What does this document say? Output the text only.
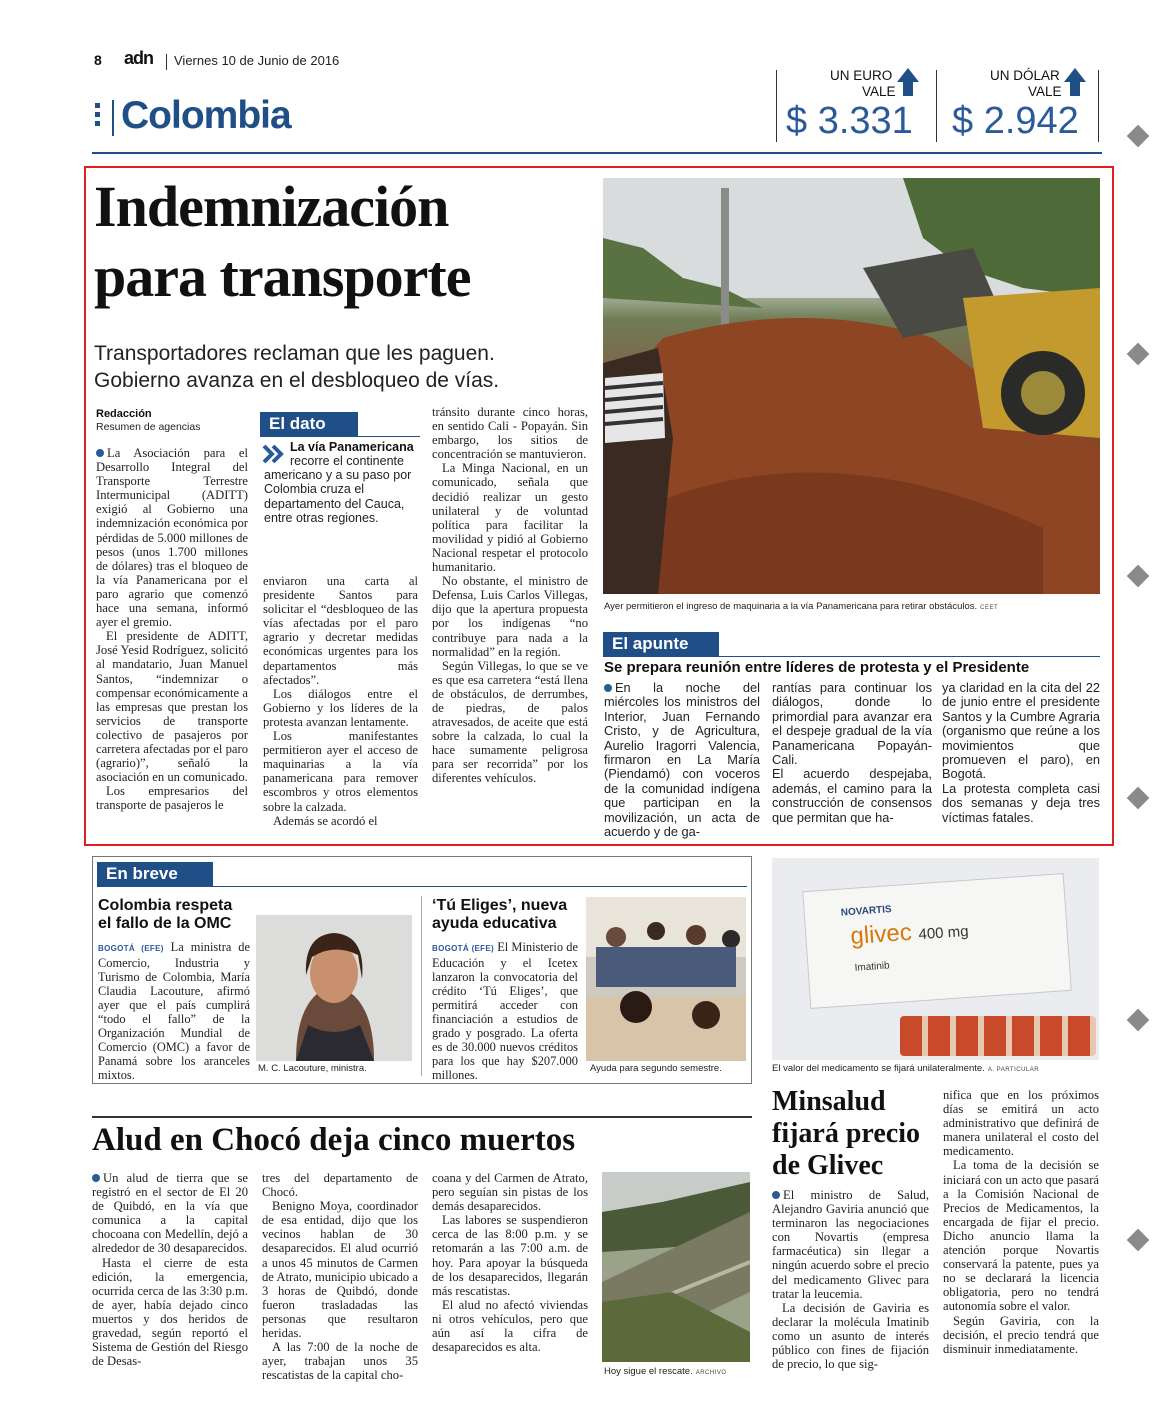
8 adn Viernes 10 de Junio de 2016
Colombia
UN EURO
VALE
$ 3.331
UN DÓLAR
VALE
$ 2.942
Indemnización
para transporte
Transportadores reclaman que les paguen.
Gobierno avanza en el desbloqueo de vías.
Redacción
Resumen de agencias

La Asociación para el Desarrollo Integral del Transporte Terrestre Intermunicipal (ADITT) exigió al Gobierno una indemnización económica por pérdidas de 5.000 millones de pesos (unos 1.700 millones de dólares) tras el bloqueo de la vía Panamericana por el paro agrario que comenzó hace una semana, informó ayer el gremio.

El presidente de ADITT, José Yesid Rodríguez, solicitó al mandatario, Juan Manuel Santos, “indemnizar o compensar económicamente a las empresas que prestan los servicios de transporte colectivo de pasajeros por carretera afectadas por el paro (agrario)”, señaló la asociación en un comunicado.

Los empresarios del transporte de pasajeros le

El dato
La vía Panamericana
recorre el continente americano y a su paso por Colombia cruza el departamento del Cauca, entre otras regiones.

enviaron una carta al presidente Santos para solicitar el “desbloqueo de las vías afectadas por el paro agrario y decretar medidas económicas urgentes para los departamentos más afectados”.

Los diálogos entre el Gobierno y los líderes de la protesta avanzan lentamente.

Los manifestantes permitieron ayer el acceso de maquinarias a la vía panamericana para remover escombros y otros elementos sobre la calzada.

Además se acordó el

tránsito durante cinco horas, en sentido Cali - Popayán. Sin embargo, los sitios de concentración se mantuvieron.

La Minga Nacional, en un comunicado, señala que decidió realizar un gesto unilateral y de voluntad política para facilitar la movilidad y pidió al Gobierno Nacional respetar el protocolo humanitario.

No obstante, el ministro de Defensa, Luis Carlos Villegas, dijo que la apertura propuesta por los indígenas “no contribuye para nada a la normalidad” en la región.

Según Villegas, lo que se ve es que esa carretera “está llena de obstáculos, de derrumbes, de piedras, de palos atravesados, de aceite que está sobre la calzada, lo cual la hace sumamente peligrosa para ser recorrida” por los diferentes vehículos.

Ayer permitieron el ingreso de maquinaria a la vía Panamericana para retirar obstáculos. CEET
El apunte
Se prepara reunión entre líderes de protesta y el Presidente
En la noche del miércoles los ministros del Interior, Juan Fernando Cristo, y de Agricultura, Aurelio Iragorri Valencia, firmaron en La María (Piendamó) con voceros de la comunidad indígena que participan en la movilización, un acta de acuerdo y de ga-
rantías para continuar los diálogos, donde lo primordial para avanzar era el despeje gradual de la vía Panamericana Popayán-Cali.
El acuerdo despejaba, además, el camino para la construcción de consensos que permitan que ha-
ya claridad en la cita del 22 de junio entre el presidente Santos y la Cumbre Agraria (organismo que reúne a los movimientos que promueven el paro), en Bogotá.
La protesta completa casi dos semanas y deja tres víctimas fatales.
En breve
Colombia respeta
el fallo de la OMC
BOGOTÁ (EFE) La ministra de Comercio, Industria y Turismo de Colombia, María Claudia Lacouture, afirmó ayer que el país cumplirá “todo el fallo” de la Organización Mundial de Comercio (OMC) a favor de Panamá sobre los aranceles mixtos.	M. C. Lacouture, ministra.
‘Tú Eliges’, nueva
ayuda educativa
BOGOTÁ (EFE) El Ministerio de Educación y el Icetex lanzaron la convocatoria del crédito ‘Tú Eliges’, que permitirá acceder con financiación a estudios de grado y posgrado. La oferta es de 30.000 nuevos créditos para los que hay $207.000 millones.	Ayuda para segundo semestre.
NOVARTIS
glivec 400 mg
Imatinib
El valor del medicamento se fijará unilateralmente. A. PARTICULAR
Minsalud
fijará precio
de Glivec

El ministro de Salud, Alejandro Gaviria anunció que terminaron las negociaciones con Novartis (empresa farmacéutica) sin llegar a ningún acuerdo sobre el precio del medicamento Glivec para tratar la leucemia.

La decisión de Gaviria es declarar la molécula Imatinib como un asunto de interés público con fines de fijación de precio, lo que sig-

nifica que en los próximos días se emitirá un acto administrativo que definirá de manera unilateral el costo del medicamento.

La toma de la decisión se iniciará con un acto que pasará a la Comisión Nacional de Precios de Medicamentos, la encargada de fijar el precio. Dicho anuncio llama la atención porque Novartis conservará la patente, pues ya no se declarará la licencia obligatoria, pero no tendrá autonomía sobre el valor.

Según Gaviria, con la decisión, el precio tendrá que disminuir inmediatamente.

Alud en Chocó deja cinco muertos

Un alud de tierra que se registró en el sector de El 20 de Quibdó, en la vía que comunica a la capital chocoana con Medellín, dejó a alrededor de 30 desaparecidos.

Hasta el cierre de esta edición, la emergencia, ocurrida cerca de las 3:30 p.m. de ayer, había dejado cinco muertos y dos heridos de gravedad, según reportó el Sistema de Gestión del Riesgo de Desas-

tres del departamento de Chocó.

Benigno Moya, coordinador de esa entidad, dijo que los vecinos hablan de 30 desaparecidos. El alud ocurrió a unos 45 minutos de Carmen de Atrato, municipio ubicado a 3 horas de Quibdó, donde fueron trasladadas las personas que resultaron heridas.

A las 7:00 de la noche de ayer, trabajan unos 35 rescatistas de la capital cho-

coana y del Carmen de Atrato, pero seguían sin pistas de los demás desaparecidos.

Las labores se suspendieron cerca de las 8:00 p.m. y se retomarán a las 7:00 a.m. de hoy. Para apoyar la búsqueda de los desaparecidos, llegarán más rescatistas.

El alud no afectó viviendas ni otros vehículos, pero que aún así la cifra de desaparecidos es alta.

Hoy sigue el rescate. ARCHIVO
